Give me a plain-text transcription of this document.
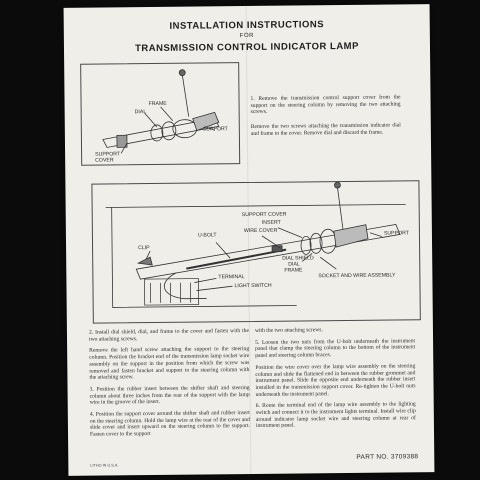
INSTALLATION INSTRUCTIONS
FOR
TRANSMISSION CONTROL INDICATOR LAMP
FRAME
DIAL
SUPPORT
SUPPORT
COVER
1. Remove the transmission control support cover from the support on the steering column by removing the two attaching screws.
Remove the two screws attaching the transmission indicator dial and frame to the cover. Remove dial and discard the frame.
SUPPORT COVER
INSERT
U-BOLT
WIRE COVER
CLIP
SUPPORT
DIAL SHIELD
DIAL
FRAME
TERMINAL
LIGHT SWITCH
SOCKET AND WIRE ASSEMBLY

2. Install dial shield, dial, and frame to the cover and fasten with the two attaching screws.

Remove the left hand screw attaching the support to the steering column. Position the bracket end of the transmission lamp socket wire assembly on the support in the position from which the screw was removed and fasten bracket and support to the steering column with the attaching screw.

3. Position the rubber insert between the shifter shaft and steering column about three inches from the rear of the support with the lamp wire in the groove of the insert.

4. Position the support cover around the shifter shaft and rubber insert on the steering column. Hold the lamp wire at the rear of the cover and slide cover and insert upward on the steering column to the support. Fasten cover to the support

with the two attaching screws.

5. Loosen the two nuts from the U-bolt underneath the instrument panel that clamp the steering column to the bottom of the instrument panel and steering column braces.

Position the wire cover over the lamp wire assembly on the steering column and slide the flattened end in between the rubber grommet and instrument panel. Slide the opposite end underneath the rubber insert installed in the transmission support cover. Re-tighten the U-bolt nuts underneath the instrument panel.

6. Route the terminal end of the lamp wire assembly to the lighting switch and connect it to the instrument lights terminal. Install wire clip around indicator lamp socket wire and steering column at rear of instrument panel.

LITHO IN U.S.A.
PART NO. 3709388
